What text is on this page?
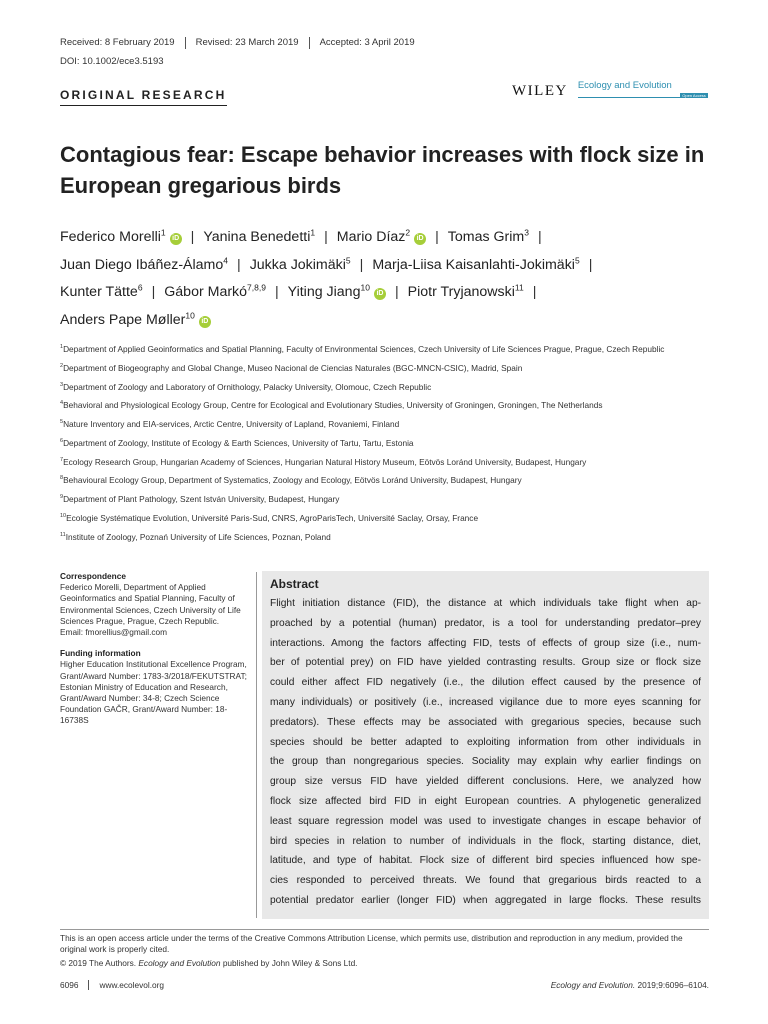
Received: 8 February 2019	Revised: 23 March 2019	Accepted: 3 April 2019
DOI: 10.1002/ece3.5193
ORIGINAL RESEARCH	WILEY Ecology and Evolution
Open Access
Contagious fear: Escape behavior increases with flock size in European gregarious birds
Federico Morelli$^1$iD | Yanina Benedetti$^1$ | Mario Díaz$^2$iD | Tomas Grim$^3$ |
Juan Diego Ibáñez-Álamo$^4$ | Jukka Jokimäki$^5$ | Marja-Liisa Kaisanlahti-Jokimäki$^5$ |
Kunter Tätte$^6$ | Gábor Markó$^{7,8,9}$ | Yiting Jiang$^{10}$iD | Piotr Tryjanowski$^{11}$ |
Anders Pape Møller$^{10}$iD
$^1$Department of Applied Geoinformatics and Spatial Planning, Faculty of Environmental Sciences, Czech University of Life Sciences Prague, Prague, Czech Republic
$^2$Department of Biogeography and Global Change, Museo Nacional de Ciencias Naturales (BGC-MNCN-CSIC), Madrid, Spain
$^3$Department of Zoology and Laboratory of Ornithology, Palacky University, Olomouc, Czech Republic
$^4$Behavioral and Physiological Ecology Group, Centre for Ecological and Evolutionary Studies, University of Groningen, Groningen, The Netherlands
$^5$Nature Inventory and EIA-services, Arctic Centre, University of Lapland, Rovaniemi, Finland
$^6$Department of Zoology, Institute of Ecology & Earth Sciences, University of Tartu, Tartu, Estonia
$^7$Ecology Research Group, Hungarian Academy of Sciences, Hungarian Natural History Museum, Eötvös Loránd University, Budapest, Hungary
$^8$Behavioural Ecology Group, Department of Systematics, Zoology and Ecology, Eötvös Loránd University, Budapest, Hungary
$^9$Department of Plant Pathology, Szent István University, Budapest, Hungary
$^{10}$Ecologie Systématique Evolution, Université Paris-Sud, CNRS, AgroParisTech, Université Saclay, Orsay, France
$^{11}$Institute of Zoology, Poznań University of Life Sciences, Poznan, Poland
Correspondence

Federico Morelli, Department of Applied Geoinformatics and Spatial Planning, Faculty of Environmental Sciences, Czech University of Life Sciences Prague, Prague, Czech Republic.

Email: fmorellius@gmail.com

Funding information

Higher Education Institutional Excellence Program, Grant/Award Number: 1783-3/2018/FEKUTSTRAT; Estonian Ministry of Education and Research, Grant/Award Number: 34-8; Czech Science Foundation GAČR, Grant/Award Number: 18-16738S

Abstract
Flight initiation distance (FID), the distance at which individuals take flight when ap-
proached by a potential (human) predator, is a tool for understanding predator–prey
interactions. Among the factors affecting FID, tests of effects of group size (i.e., num-
ber of potential prey) on FID have yielded contrasting results. Group size or flock size
could either affect FID negatively (i.e., the dilution effect caused by the presence of
many individuals) or positively (i.e., increased vigilance due to more eyes scanning for
predators). These effects may be associated with gregarious species, because such
species should be better adapted to exploiting information from other individuals in
the group than nongregarious species. Sociality may explain why earlier findings on
group size versus FID have yielded different conclusions. Here, we analyzed how
flock size affected bird FID in eight European countries. A phylogenetic generalized
least square regression model was used to investigate changes in escape behavior of
bird species in relation to number of individuals in the flock, starting distance, diet,
latitude, and type of habitat. Flock size of different bird species influenced how spe-
cies responded to perceived threats. We found that gregarious birds reacted to a
potential predator earlier (longer FID) when aggregated in large flocks. These results
This is an open access article under the terms of the Creative Commons Attribution License, which permits use, distribution and reproduction in any medium, provided the original work is properly cited.
© 2019 The Authors. Ecology and Evolution published by John Wiley & Sons Ltd.
6096	www.ecolevol.org	Ecology and Evolution. 2019;9:6096–6104.
